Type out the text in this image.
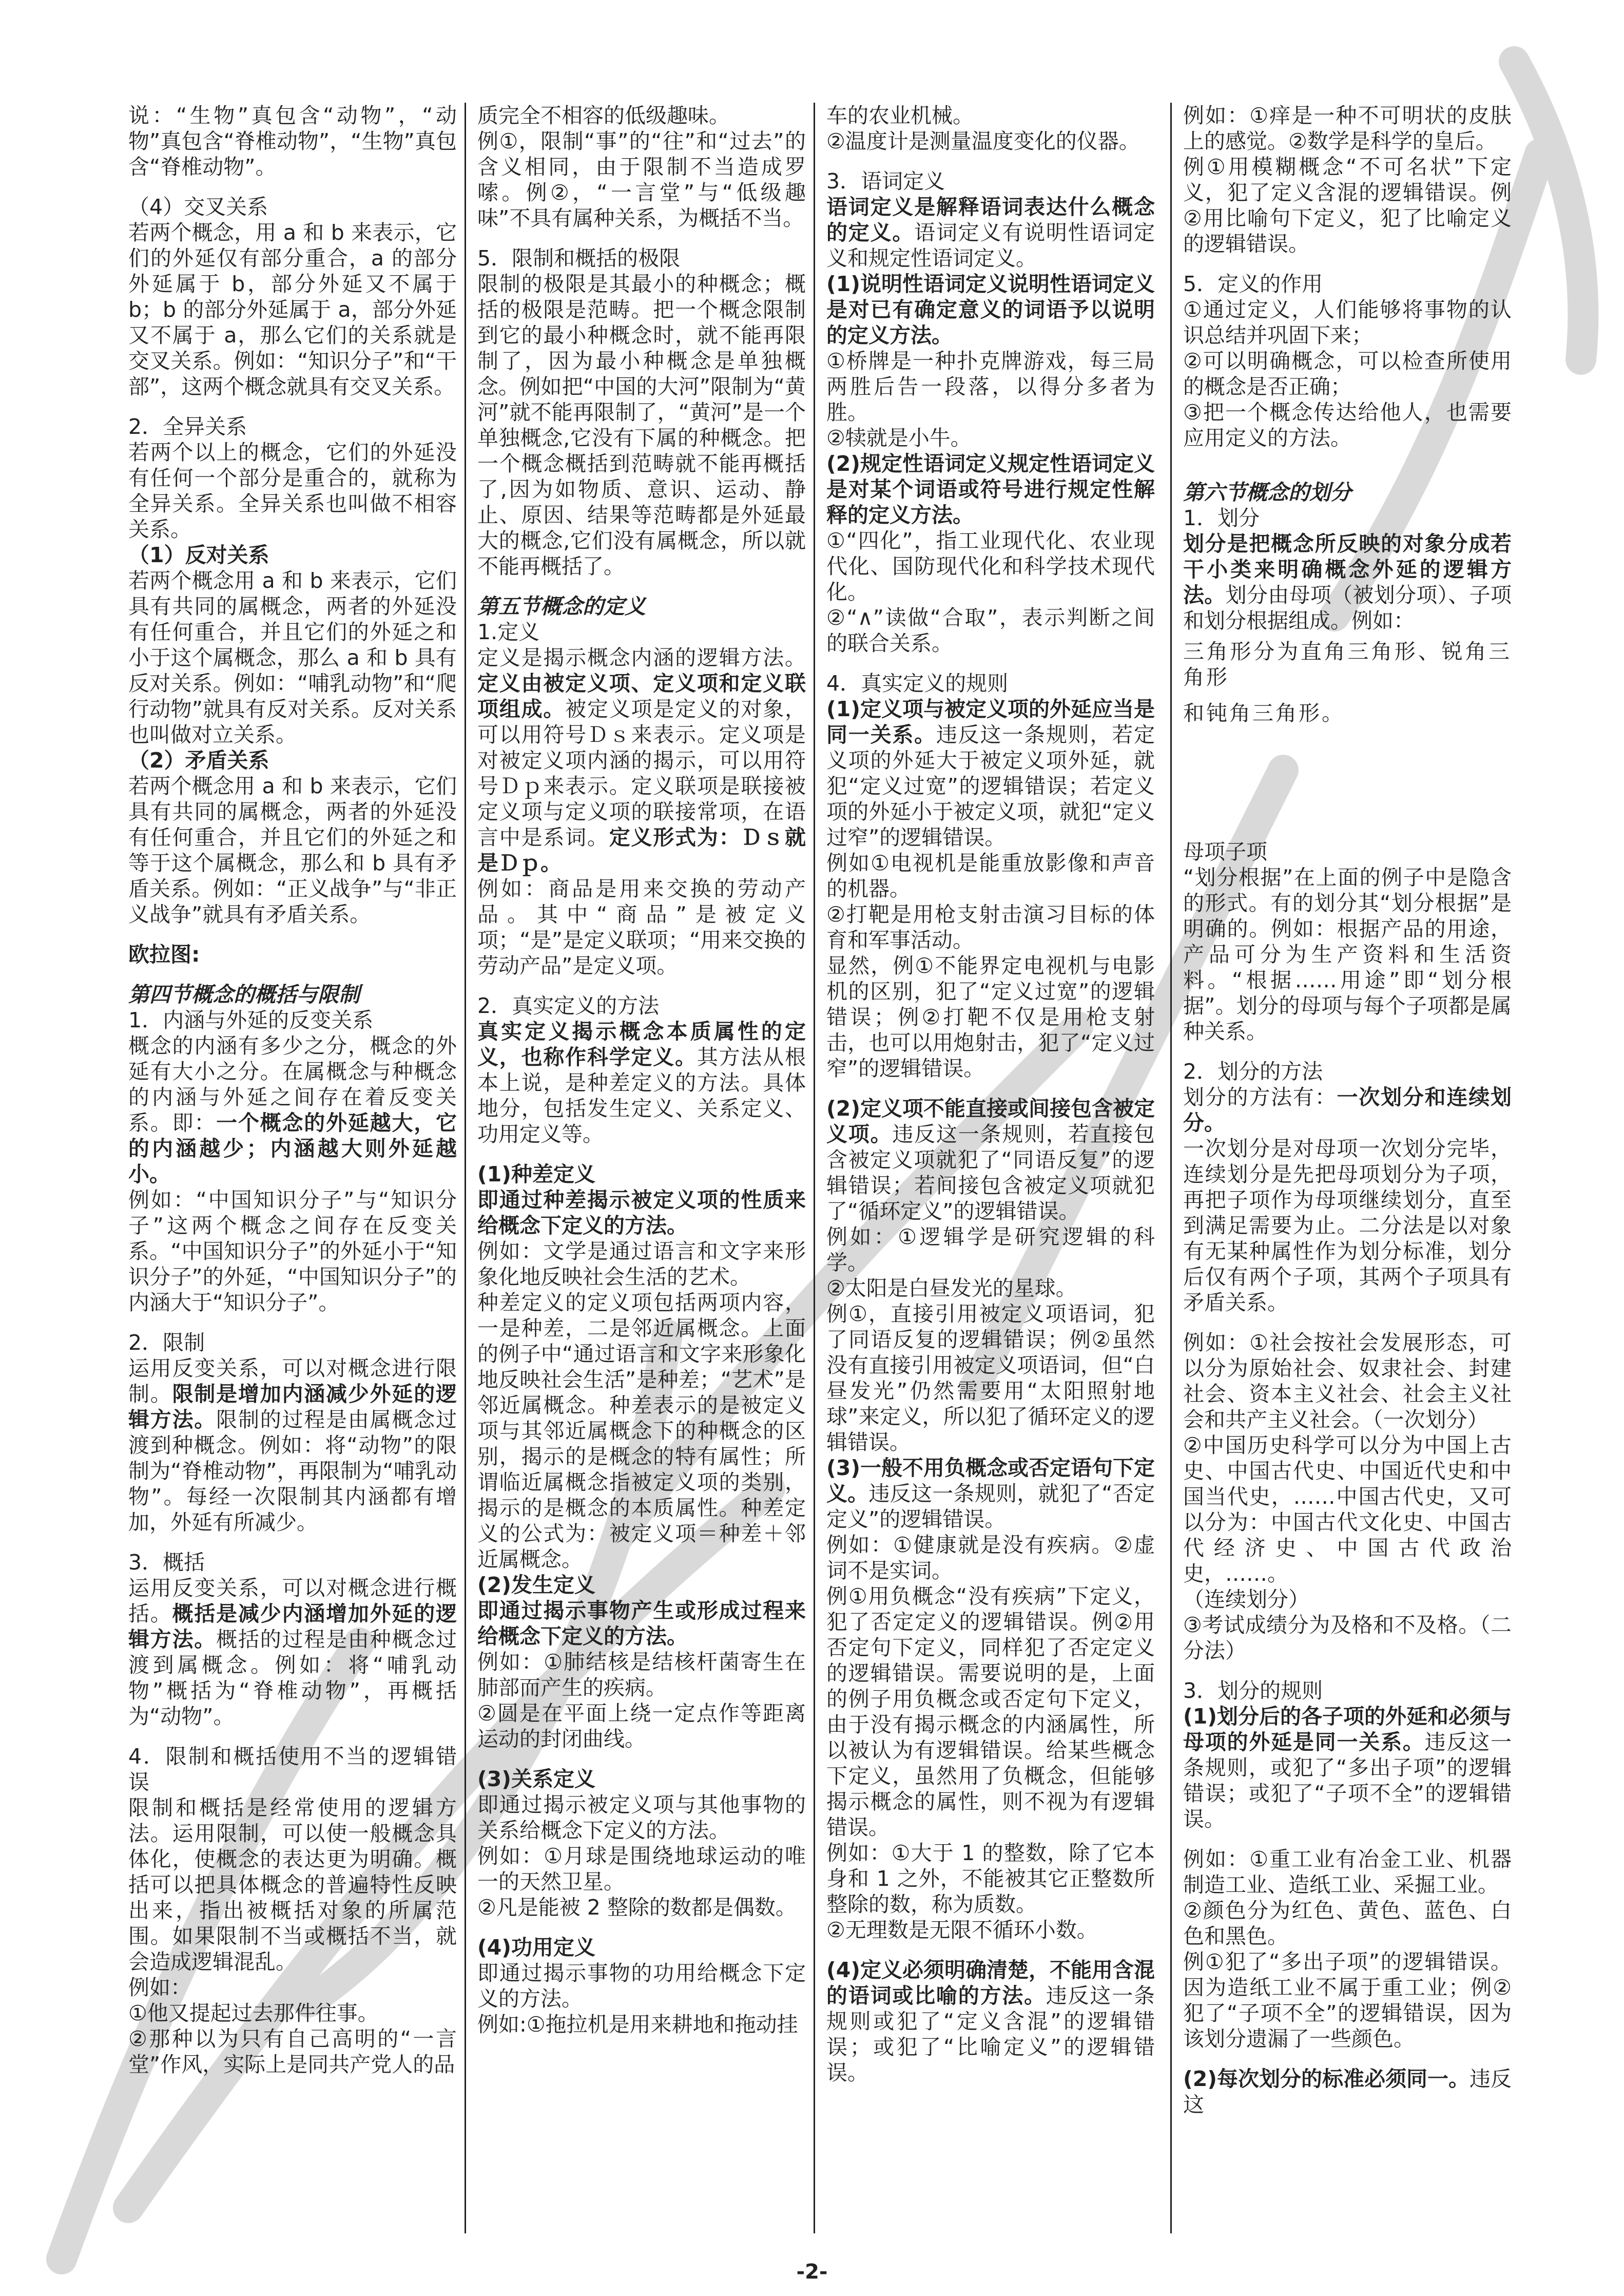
说：“生物”真包含“动物”，“动物”真包含“脊椎动物”，“生物”真包含“脊椎动物”。

（4）交叉关系

若两个概念，用 a 和 b 来表示，它们的外延仅有部分重合，a 的部分外延属于 b，部分外延又不属于 b；b 的部分外延属于 a，部分外延又不属于 a，那么它们的关系就是交叉关系。例如：“知识分子”和“干部”，这两个概念就具有交叉关系。

2．全异关系

若两个以上的概念，它们的外延没有任何一个部分是重合的，就称为全异关系。全异关系也叫做不相容关系。

（1）反对关系

若两个概念用 a 和 b 来表示，它们具有共同的属概念，两者的外延没有任何重合，并且它们的外延之和小于这个属概念，那么 a 和 b 具有反对关系。例如：“哺乳动物”和“爬行动物”就具有反对关系。反对关系也叫做对立关系。

（2）矛盾关系

若两个概念用 a 和 b 来表示，它们具有共同的属概念，两者的外延没有任何重合，并且它们的外延之和等于这个属概念，那么和 b 具有矛盾关系。例如：“正义战争”与“非正义战争”就具有矛盾关系。

欧拉图:

第四节概念的概括与限制

1．内涵与外延的反变关系

概念的内涵有多少之分，概念的外延有大小之分。在属概念与种概念的内涵与外延之间存在着反变关系。即：一个概念的外延越大，它的内涵越少；内涵越大则外延越小。

例如：“中国知识分子”与“知识分子”这两个概念之间存在反变关系。“中国知识分子”的外延小于“知识分子”的外延，“中国知识分子”的内涵大于“知识分子”。

2．限制

运用反变关系，可以对概念进行限制。限制是增加内涵减少外延的逻辑方法。限制的过程是由属概念过渡到种概念。例如：将“动物”的限制为“脊椎动物”，再限制为“哺乳动物”。每经一次限制其内涵都有增加，外延有所减少。

3．概括

运用反变关系，可以对概念进行概括。概括是减少内涵增加外延的逻辑方法。概括的过程是由种概念过渡到属概念。例如：将“哺乳动物”概括为“脊椎动物”，再概括为“动物”。

4．限制和概括使用不当的逻辑错误

限制和概括是经常使用的逻辑方法。运用限制，可以使一般概念具体化，使概念的表达更为明确。概括可以把具体概念的普遍特性反映出来，指出被概括对象的所属范围。如果限制不当或概括不当，就会造成逻辑混乱。

例如：

①他又提起过去那件往事。

②那种以为只有自己高明的“一言堂”作风，实际上是同共产党人的品

质完全不相容的低级趣味。

例①，限制“事”的“往”和“过去”的含义相同，由于限制不当造成罗嗦。例②，“一言堂”与“低级趣味”不具有属种关系，为概括不当。

5．限制和概括的极限

限制的极限是其最小的种概念；概括的极限是范畴。把一个概念限制到它的最小种概念时，就不能再限制了，因为最小种概念是单独概念。例如把“中国的大河”限制为“黄河”就不能再限制了，“黄河”是一个单独概念,它没有下属的种概念。把一个概念概括到范畴就不能再概括了,因为如物质、意识、运动、静止、原因、结果等范畴都是外延最大的概念,它们没有属概念，所以就不能再概括了。

第五节概念的定义

1.定义

定义是揭示概念内涵的逻辑方法。定义由被定义项、定义项和定义联项组成。被定义项是定义的对象，可以用符号Ｄｓ来表示。定义项是对被定义项内涵的揭示，可以用符号Ｄｐ来表示。定义联项是联接被定义项与定义项的联接常项，在语言中是系词。定义形式为：Ｄｓ就是Ｄｐ。

例如：商品是用来交换的劳动产品。其中“商品”是被定义项；“是”是定义联项；“用来交换的劳动产品”是定义项。

2．真实定义的方法

真实定义揭示概念本质属性的定义，也称作科学定义。其方法从根本上说，是种差定义的方法。具体地分，包括发生定义、关系定义、功用定义等。

(1)种差定义

即通过种差揭示被定义项的性质来给概念下定义的方法。

例如：文学是通过语言和文字来形象化地反映社会生活的艺术。

种差定义的定义项包括两项内容，一是种差，二是邻近属概念。上面的例子中“通过语言和文字来形象化地反映社会生活”是种差；“艺术”是邻近属概念。种差表示的是被定义项与其邻近属概念下的种概念的区别，揭示的是概念的特有属性；所谓临近属概念指被定义项的类别，揭示的是概念的本质属性。种差定义的公式为：被定义项＝种差＋邻近属概念。

(2)发生定义

即通过揭示事物产生或形成过程来给概念下定义的方法。

例如：①肺结核是结核杆菌寄生在肺部而产生的疾病。

②圆是在平面上绕一定点作等距离运动的封闭曲线。

(3)关系定义

即通过揭示被定义项与其他事物的关系给概念下定义的方法。

例如：①月球是围绕地球运动的唯一的天然卫星。

②凡是能被 2 整除的数都是偶数。

(4)功用定义

即通过揭示事物的功用给概念下定义的方法。

例如:①拖拉机是用来耕地和拖动挂

车的农业机械。

②温度计是测量温度变化的仪器。

3．语词定义

语词定义是解释语词表达什么概念的定义。语词定义有说明性语词定义和规定性语词定义。

(1)说明性语词定义说明性语词定义是对已有确定意义的词语予以说明的定义方法。

①桥牌是一种扑克牌游戏，每三局两胜后告一段落，以得分多者为胜。

②犊就是小牛。

(2)规定性语词定义规定性语词定义是对某个词语或符号进行规定性解释的定义方法。

①“四化”，指工业现代化、农业现代化、国防现代化和科学技术现代化。

②“∧”读做“合取”，表示判断之间的联合关系。

4．真实定义的规则

(1)定义项与被定义项的外延应当是同一关系。违反这一条规则，若定义项的外延大于被定义项外延，就犯“定义过宽”的逻辑错误；若定义项的外延小于被定义项，就犯“定义过窄”的逻辑错误。

例如①电视机是能重放影像和声音的机器。

②打靶是用枪支射击演习目标的体育和军事活动。

显然，例①不能界定电视机与电影机的区别，犯了“定义过宽”的逻辑错误；例②打靶不仅是用枪支射击，也可以用炮射击，犯了“定义过窄”的逻辑错误。

(2)定义项不能直接或间接包含被定义项。违反这一条规则，若直接包含被定义项就犯了“同语反复”的逻辑错误；若间接包含被定义项就犯了“循环定义”的逻辑错误。

例如：①逻辑学是研究逻辑的科学。

②太阳是白昼发光的星球。

例①，直接引用被定义项语词，犯了同语反复的逻辑错误；例②虽然没有直接引用被定义项语词，但“白昼发光”仍然需要用“太阳照射地球”来定义，所以犯了循环定义的逻辑错误。

(3)一般不用负概念或否定语句下定义。违反这一条规则，就犯了“否定定义”的逻辑错误。

例如：①健康就是没有疾病。②虚词不是实词。

例①用负概念“没有疾病”下定义，犯了否定定义的逻辑错误。例②用否定句下定义，同样犯了否定定义的逻辑错误。需要说明的是，上面的例子用负概念或否定句下定义，由于没有揭示概念的内涵属性，所以被认为有逻辑错误。给某些概念下定义，虽然用了负概念，但能够揭示概念的属性，则不视为有逻辑错误。

例如：①大于 1 的整数，除了它本身和 1 之外，不能被其它正整数所整除的数，称为质数。

②无理数是无限不循环小数。

(4)定义必须明确清楚，不能用含混的语词或比喻的方法。违反这一条规则或犯了“定义含混”的逻辑错误；或犯了“比喻定义”的逻辑错误。

例如：①痒是一种不可明状的皮肤上的感觉。②数学是科学的皇后。

例①用模糊概念“不可名状”下定义，犯了定义含混的逻辑错误。例②用比喻句下定义，犯了比喻定义的逻辑错误。

5．定义的作用

①通过定义，人们能够将事物的认识总结并巩固下来；

②可以明确概念，可以检查所使用的概念是否正确；

③把一个概念传达给他人，也需要应用定义的方法。

第六节概念的划分

1．划分

划分是把概念所反映的对象分成若干小类来明确概念外延的逻辑方法。划分由母项（被划分项）、子项和划分根据组成。例如：

三角形分为直角三角形、锐角三角形

和钝角三角形。

母项子项

“划分根据”在上面的例子中是隐含的形式。有的划分其“划分根据”是明确的。例如：根据产品的用途，产品可分为生产资料和生活资料。“根据……用途”即“划分根据”。划分的母项与每个子项都是属种关系。

2．划分的方法

划分的方法有：一次划分和连续划分。

一次划分是对母项一次划分完毕，连续划分是先把母项划分为子项，再把子项作为母项继续划分，直至到满足需要为止。二分法是以对象有无某种属性作为划分标准，划分后仅有两个子项，其两个子项具有矛盾关系。

例如：①社会按社会发展形态，可以分为原始社会、奴隶社会、封建社会、资本主义社会、社会主义社会和共产主义社会。（一次划分）

②中国历史科学可以分为中国上古史、中国古代史、中国近代史和中国当代史，……中国古代史，又可以分为：中国古代文化史、中国古代经济史、中国古代政治史，……。

（连续划分）

③考试成绩分为及格和不及格。（二分法）

3．划分的规则

(1)划分后的各子项的外延和必须与母项的外延是同一关系。违反这一条规则，或犯了“多出子项”的逻辑错误；或犯了“子项不全”的逻辑错误。

例如：①重工业有冶金工业、机器制造工业、造纸工业、采掘工业。

②颜色分为红色、黄色、蓝色、白色和黑色。

例①犯了“多出子项”的逻辑错误。因为造纸工业不属于重工业；例②犯了“子项不全”的逻辑错误，因为该划分遗漏了一些颜色。

(2)每次划分的标准必须同一。违反这

-2-
